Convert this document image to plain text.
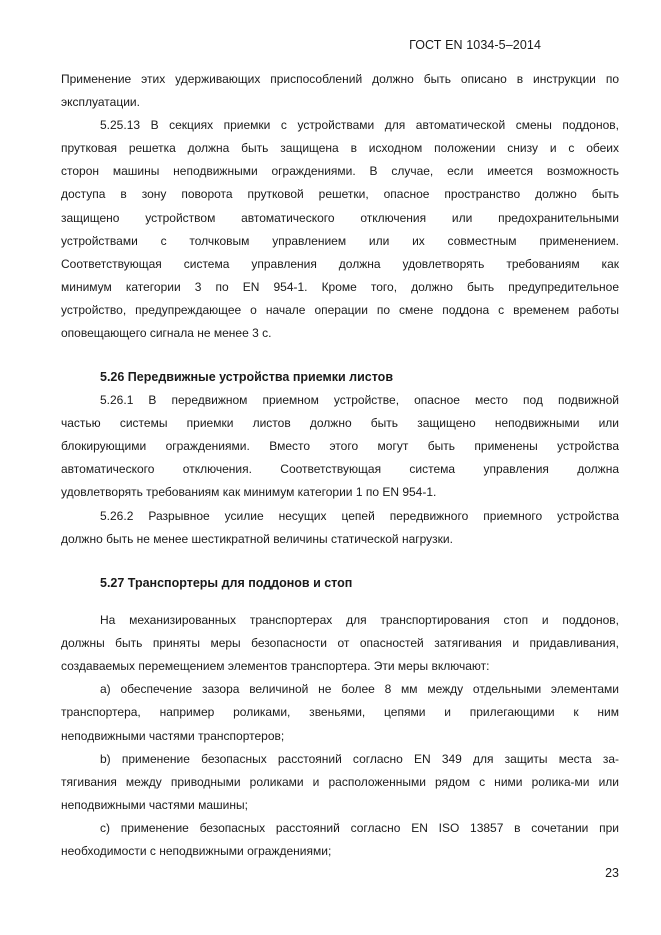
ГОСТ EN 1034-5–2014
Применение этих удерживающих приспособлений должно быть описано в инструкции по
эксплуатации.
5.25.13 В секциях приемки с устройствами для автоматической смены поддонов,
прутковая решетка должна быть защищена в исходном положении снизу и с обеих
сторон машины неподвижными ограждениями. В случае, если имеется возможность
доступа в зону поворота прутковой решетки, опасное пространство должно быть
защищено устройством автоматического отключения или предохранительными
устройствами с толчковым управлением или их совместным применением.
Соответствующая система управления должна удовлетворять требованиям как
минимум категории 3 по EN 954-1. Кроме того, должно быть предупредительное
устройство, предупреждающее о начале операции по смене поддона с временем работы
оповещающего сигнала не менее 3 с.
5.26 Передвижные устройства приемки листов
5.26.1 В передвижном приемном устройстве, опасное место под подвижной
частью системы приемки листов должно быть защищено неподвижными или
блокирующими ограждениями. Вместо этого могут быть применены устройства
автоматического отключения. Соответствующая система управления должна
удовлетворять требованиям как минимум категории 1 по EN 954-1.
5.26.2 Разрывное усилие несущих цепей передвижного приемного устройства
должно быть не менее шестикратной величины статической нагрузки.
5.27 Транспортеры для поддонов и стоп
На механизированных транспортерах для транспортирования стоп и поддонов,
должны быть приняты меры безопасности от опасностей затягивания и придавливания,
создаваемых перемещением элементов транспортера. Эти меры включают:
а) обеспечение зазора величиной не более 8 мм между отдельными элементами
транспортера, например роликами, звеньями, цепями и прилегающими к ним
неподвижными частями транспортеров;
b) применение безопасных расстояний согласно EN 349 для защиты места за-
тягивания между приводными роликами и расположенными рядом с ними ролика-ми или
неподвижными частями машины;
c) применение безопасных расстояний согласно EN ISO 13857 в сочетании при
необходимости с неподвижными ограждениями;
23
